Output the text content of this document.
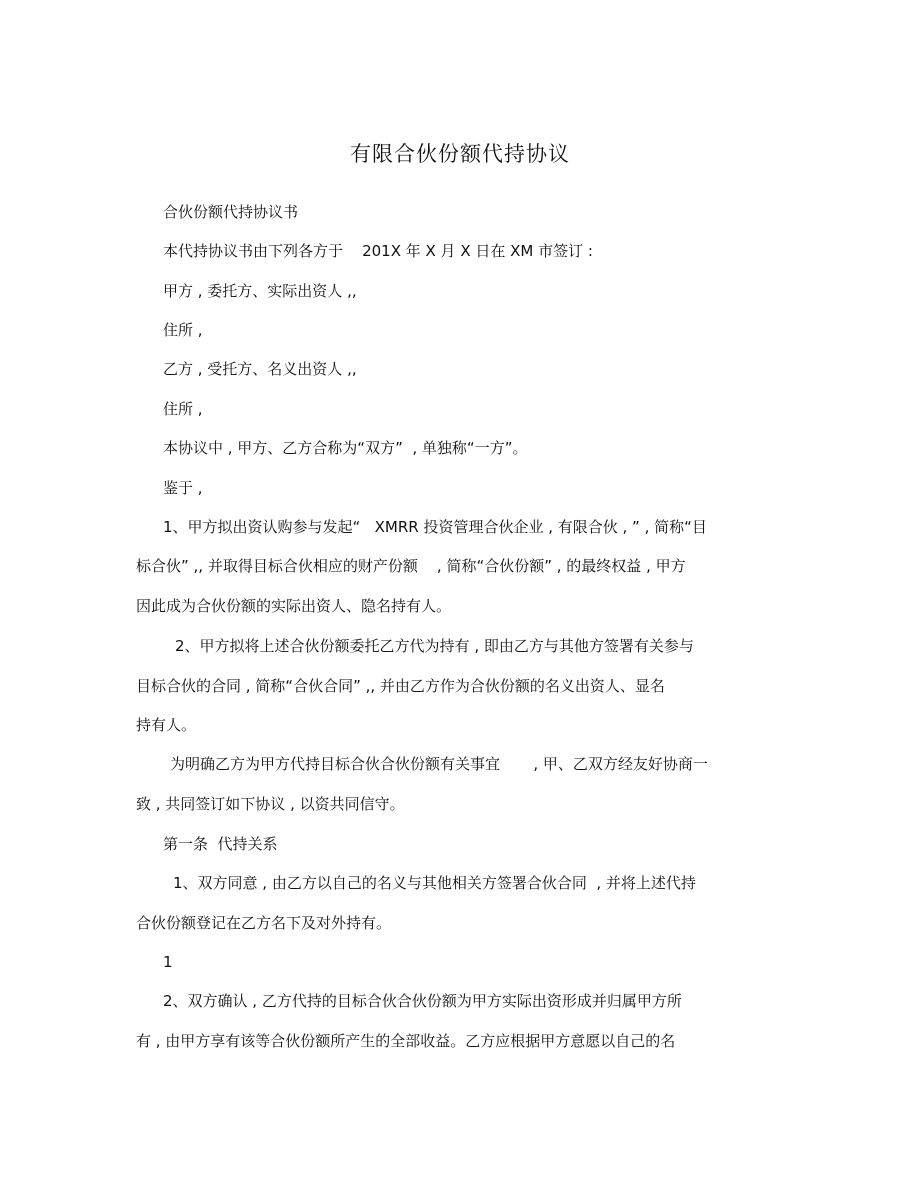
有限合伙份额代持协议
合伙份额代持协议书
本代持协议书由下列各方于    201X 年 X 月 X 日在 XM 市签订 :
甲方 , 委托方、实际出资人 ,,
住所 ,
乙方 , 受托方、名义出资人 ,,
住所 ,
本协议中 , 甲方、乙方合称为“双方”  , 单独称“一方”。
鉴于 ,
1、甲方拟出资认购参与发起“   XMRR 投资管理合伙企业 , 有限合伙 , ” , 简称“目
标合伙” ,, 并取得目标合伙相应的财产份额    , 简称“合伙份额” , 的最终权益 , 甲方
因此成为合伙份额的实际出资人、隐名持有人。
2、甲方拟将上述合伙份额委托乙方代为持有 , 即由乙方与其他方签署有关参与
目标合伙的合同 , 简称“合伙合同” ,, 并由乙方作为合伙份额的名义出资人、显名
持有人。
为明确乙方为甲方代持目标合伙合伙份额有关事宜       , 甲、乙双方经友好协商一
致 , 共同签订如下协议 , 以资共同信守。
第一条  代持关系
1、双方同意 , 由乙方以自己的名义与其他相关方签署合伙合同  , 并将上述代持
合伙份额登记在乙方名下及对外持有。
1
2、双方确认 , 乙方代持的目标合伙合伙份额为甲方实际出资形成并归属甲方所
有 , 由甲方享有该等合伙份额所产生的全部收益。乙方应根据甲方意愿以自己的名
